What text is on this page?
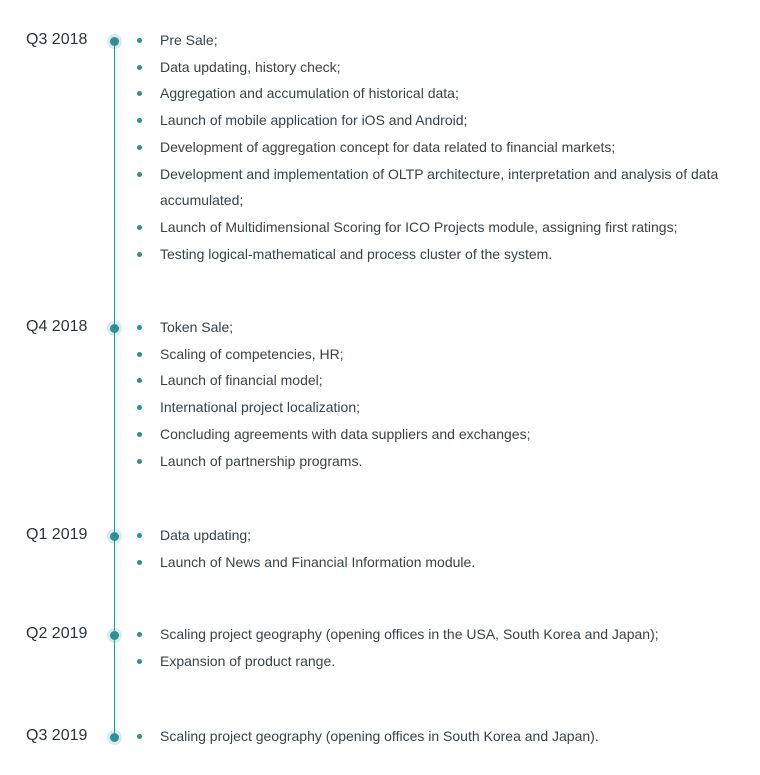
Q3 2018	Pre Sale;
Data updating, history check;
Aggregation and accumulation of historical data;
Launch of mobile application for iOS and Android;
Development of aggregation concept for data related to financial markets;
Development and implementation of OLTP architecture, interpretation and analysis of data accumulated;
Launch of Multidimensional Scoring for ICO Projects module, assigning first ratings;
Testing logical-mathematical and process cluster of the system.
Q4 2018	Token Sale;
Scaling of competencies, HR;
Launch of financial model;
International project localization;
Concluding agreements with data suppliers and exchanges;
Launch of partnership programs.
Q1 2019	Data updating;
Launch of News and Financial Information module.
Q2 2019	Scaling project geography (opening offices in the USA, South Korea and Japan);
Expansion of product range.
Q3 2019	Scaling project geography (opening offices in South Korea and Japan).
